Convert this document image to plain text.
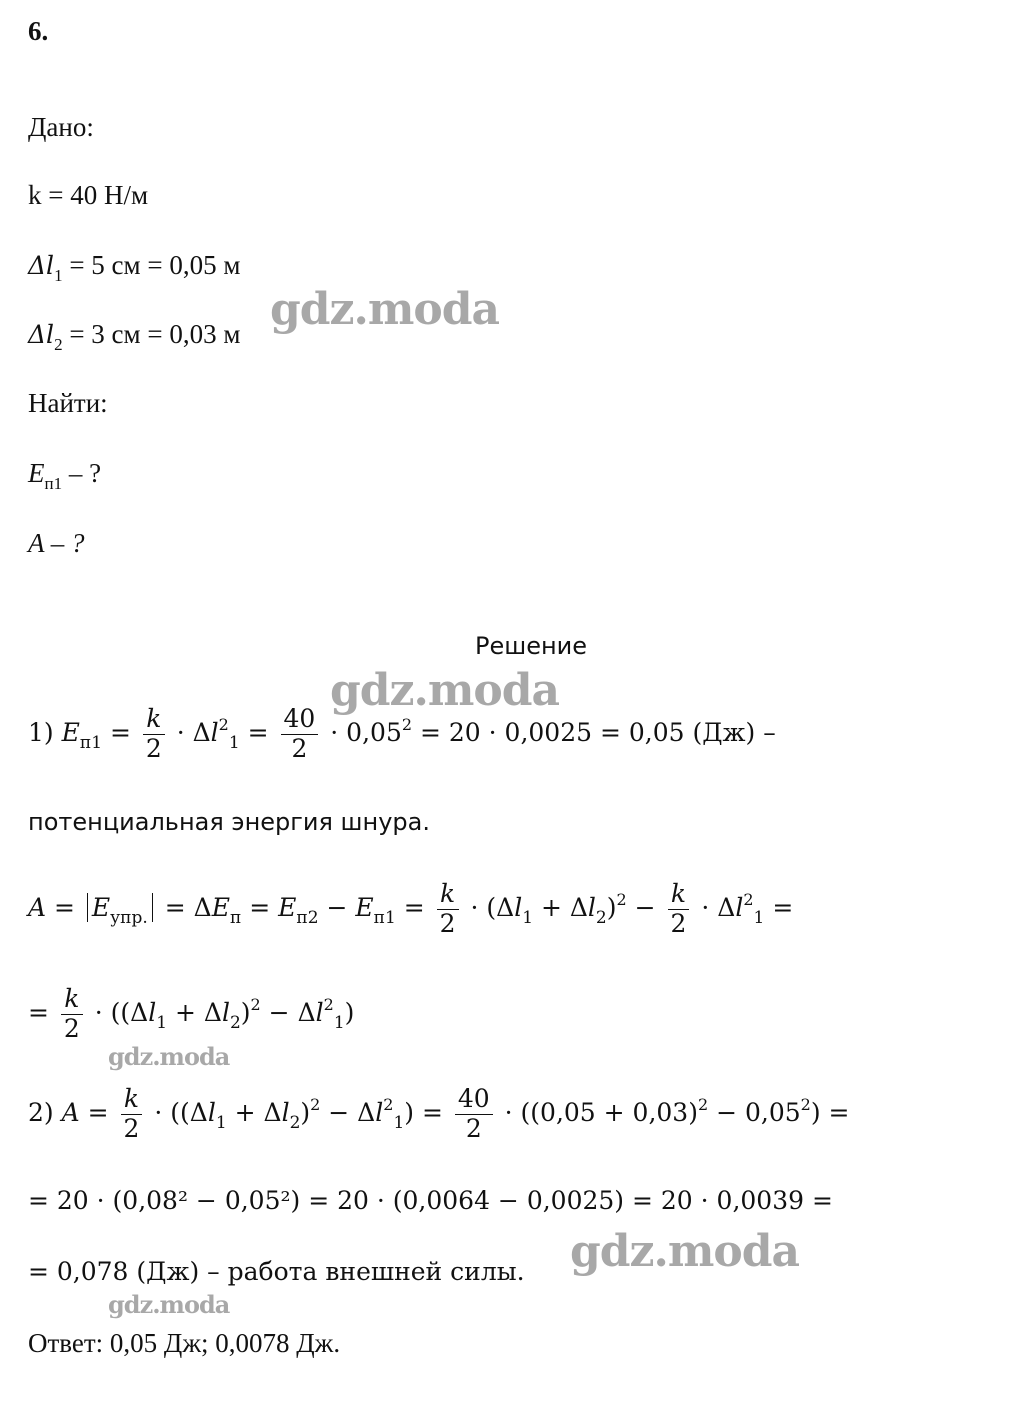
6.
Дано:
k = 40 Н/м
$\Delta l_1 = 5$ см = 0,05 м
$\Delta l_2 = 3$ см = 0,03 м
Найти:
$E_{п1}$ – ?
A – ?
Решение
1) $E_{п1} = \frac{k}{2} \cdot \Delta l^2_1 = \frac{40}{2} \cdot 0,05^2 = 20 \cdot 0,0025 = 0,05$ (Дж) –
потенциальная энергия шнура.
$A = E_{упр.} = \Delta E_п = E_{п2} - E_{п1} = \frac{k}{2} \cdot (\Delta l_1 + \Delta l_2)^2 - \frac{k}{2} \cdot \Delta l^2_1$ =
= $\frac{k}{2} \cdot ((\Delta l_1 + \Delta l_2)^2 - \Delta l^2_1)$
2) $A = \frac{k}{2} \cdot ((\Delta l_1 + \Delta l_2)^2 - \Delta l^2_1) = \frac{40}{2} \cdot ((0,05 + 0,03)^2 - 0,05^2)$ =
= 20 · (0,08² − 0,05²) = 20 · (0,0064 − 0,0025) = 20 · 0,0039 =
= 0,078 (Дж) – работа внешней силы.
Ответ: 0,05 Дж; 0,0078 Дж.
gdz.moda
gdz.moda
gdz.moda
gdz.moda
gdz.moda
